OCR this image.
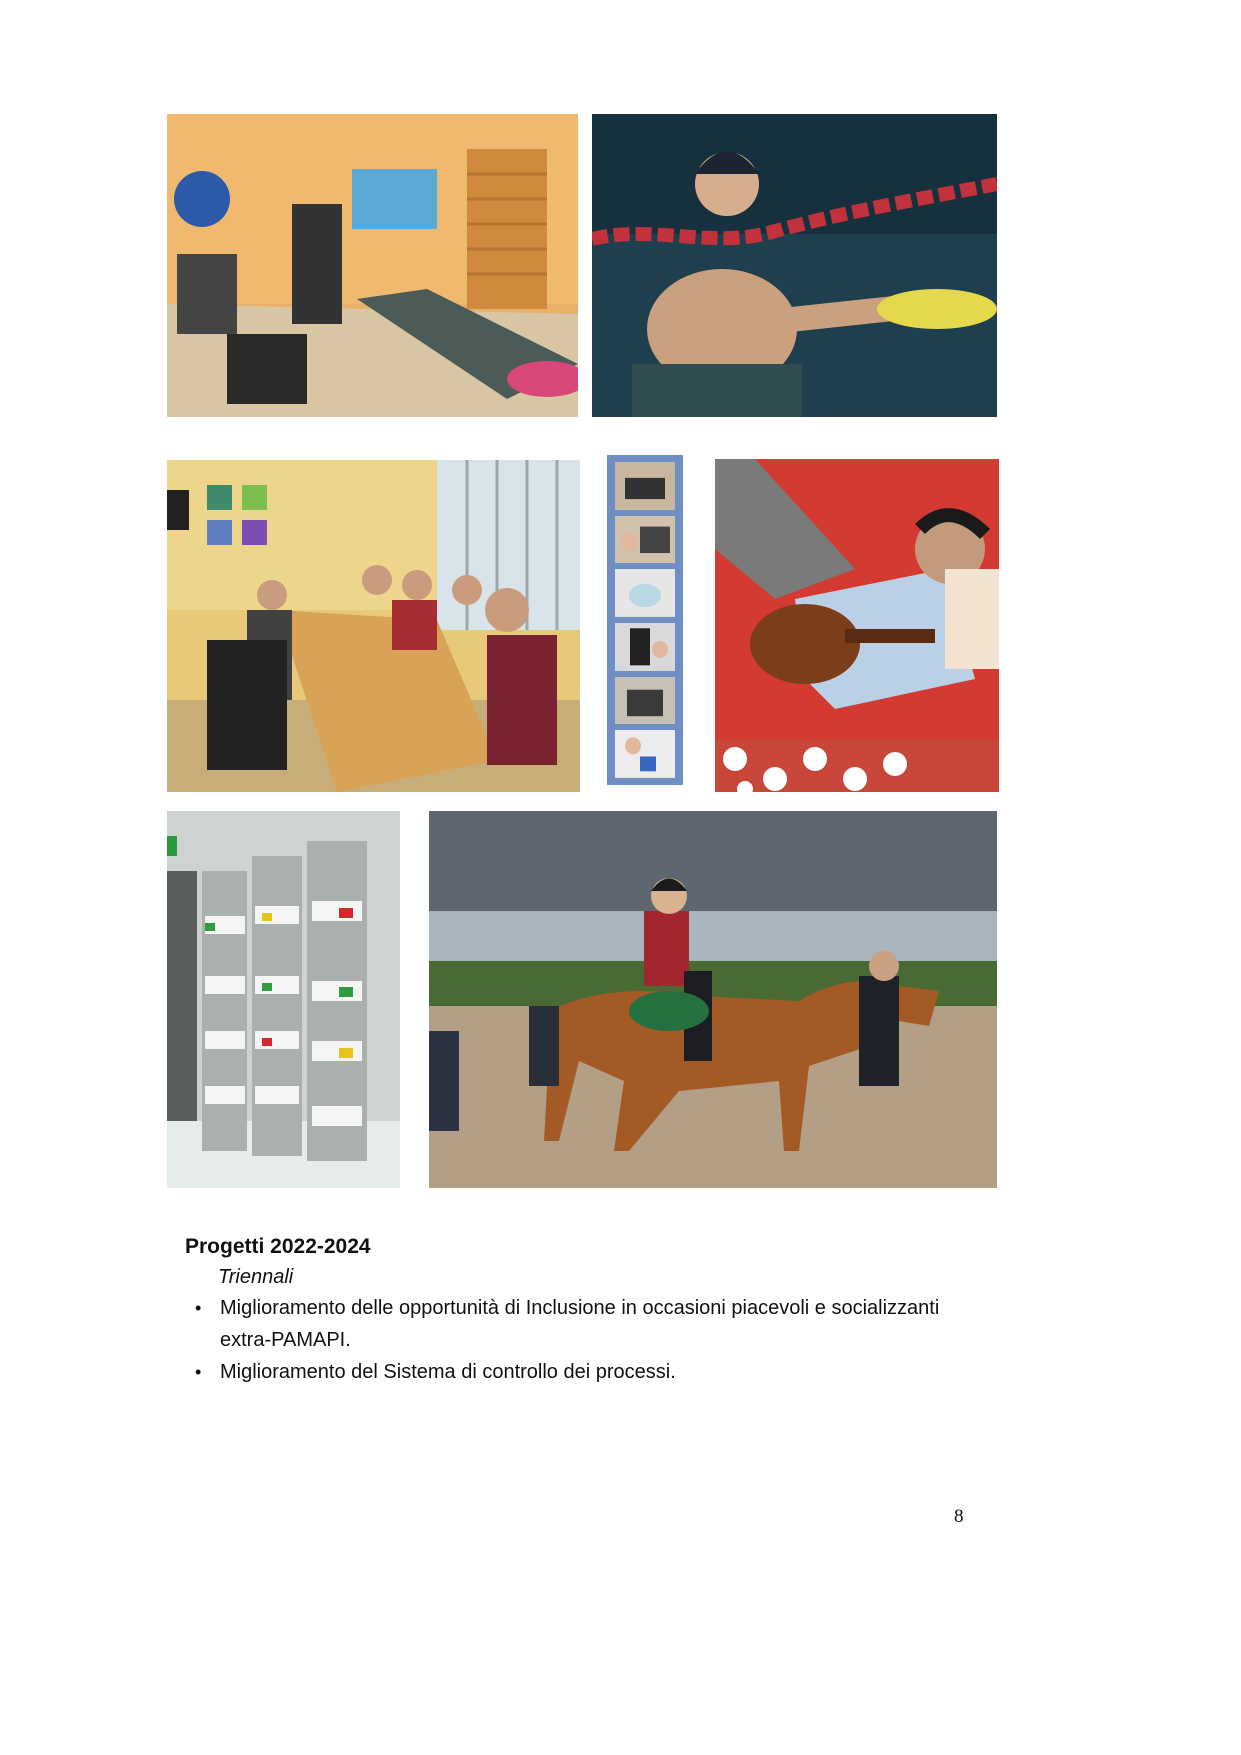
Progetti 2022-2024
Triennali
• Miglioramento delle opportunità di Inclusione in occasioni piacevoli e socializzanti extra-PAMAPI.
• Miglioramento del Sistema di controllo dei processi.
8
